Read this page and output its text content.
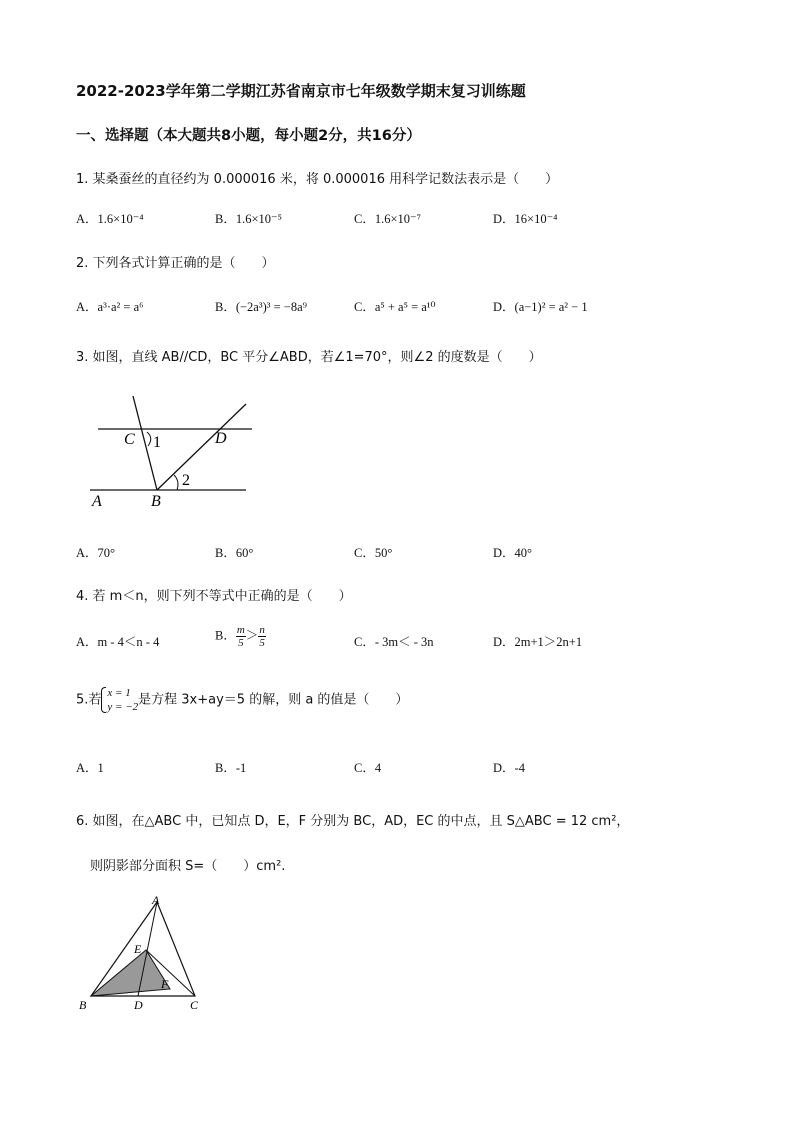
2022-2023学年第二学期江苏省南京市七年级数学期末复习训练题
一、选择题（本大题共8小题，每小题2分，共16分）
1. 某桑蚕丝的直径约为 0.000016 米，将 0.000016 用科学记数法表示是（　　）
A．1.6×10⁻⁴	B．1.6×10⁻⁵	C．1.6×10⁻⁷	D．16×10⁻⁴
2. 下列各式计算正确的是（　　）
A．a³·a² = a⁶	B．(−2a³)³ = −8a⁹	C．a⁵ + a⁵ = a¹⁰	D．(a−1)² = a² − 1
3. 如图，直线 AB//CD，BC 平分∠ABD，若∠1=70°，则∠2 的度数是（　　）
C 1	D
2
A	B
A．70°	B．60°	C．50°	D．40°
4. 若 m＜n，则下列不等式中正确的是（　　）
A．m - 4＜n - 4	B． $\frac{m}{5} > \frac{n}{5}$	C．- 3m＜ - 3n	D．2m+1＞2n+1
5.若 x = 1
y = −2 是方程 3x+ay＝5 的解，则 a 的值是（　　）
A．1	B．-1	C．4	D．-4
6. 如图，在△ABC 中，已知点 D，E，F 分别为 BC，AD，EC 的中点，且 S△ABC = 12 cm²，
则阴影部分面积 S=（　　）cm².
A
E
F
B	D	C
